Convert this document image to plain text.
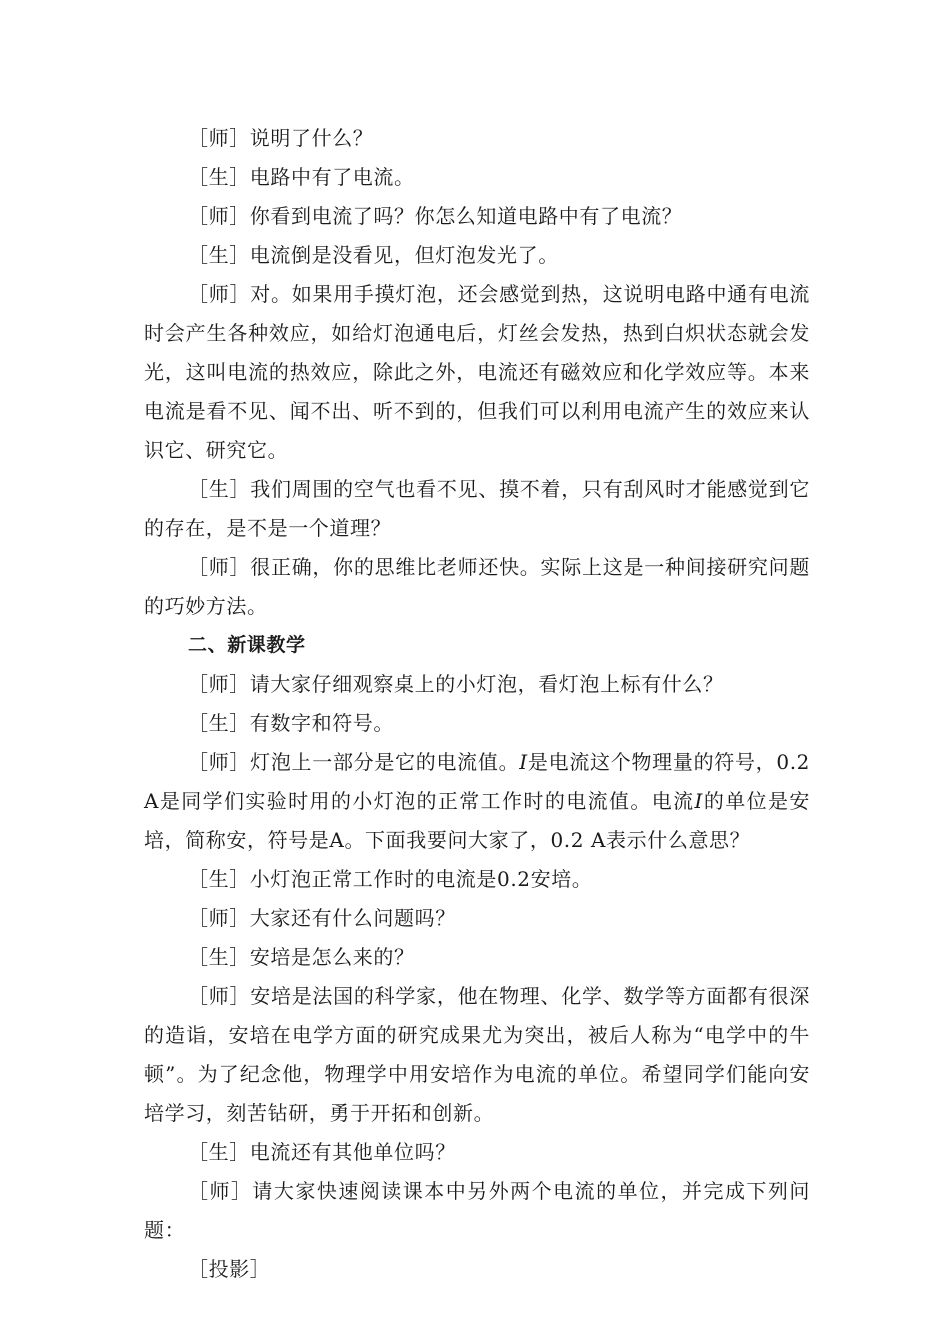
［师］说明了什么？

［生］电路中有了电流。

［师］你看到电流了吗？你怎么知道电路中有了电流？

［生］电流倒是没看见，但灯泡发光了。

［师］对。如果用手摸灯泡，还会感觉到热，这说明电路中通有电流时会产生各种效应，如给灯泡通电后，灯丝会发热，热到白炽状态就会发光，这叫电流的热效应，除此之外，电流还有磁效应和化学效应等。本来电流是看不见、闻不出、听不到的，但我们可以利用电流产生的效应来认识它、研究它。

［生］我们周围的空气也看不见、摸不着，只有刮风时才能感觉到它的存在，是不是一个道理？

［师］很正确，你的思维比老师还快。实际上这是一种间接研究问题的巧妙方法。

二、新课教学

［师］请大家仔细观察桌上的小灯泡，看灯泡上标有什么？

［生］有数字和符号。

［师］灯泡上一部分是它的电流值。I是电流这个物理量的符号，0.2 A是同学们实验时用的小灯泡的正常工作时的电流值。电流I的单位是安培，简称安，符号是A。下面我要问大家了，0.2 A表示什么意思？

［生］小灯泡正常工作时的电流是0.2安培。

［师］大家还有什么问题吗？

［生］安培是怎么来的？

［师］安培是法国的科学家，他在物理、化学、数学等方面都有很深的造诣，安培在电学方面的研究成果尤为突出，被后人称为“电学中的牛顿”。为了纪念他，物理学中用安培作为电流的单位。希望同学们能向安培学习，刻苦钻研，勇于开拓和创新。

［生］电流还有其他单位吗？

［师］请大家快速阅读课本中另外两个电流的单位，并完成下列问题：

［投影］
